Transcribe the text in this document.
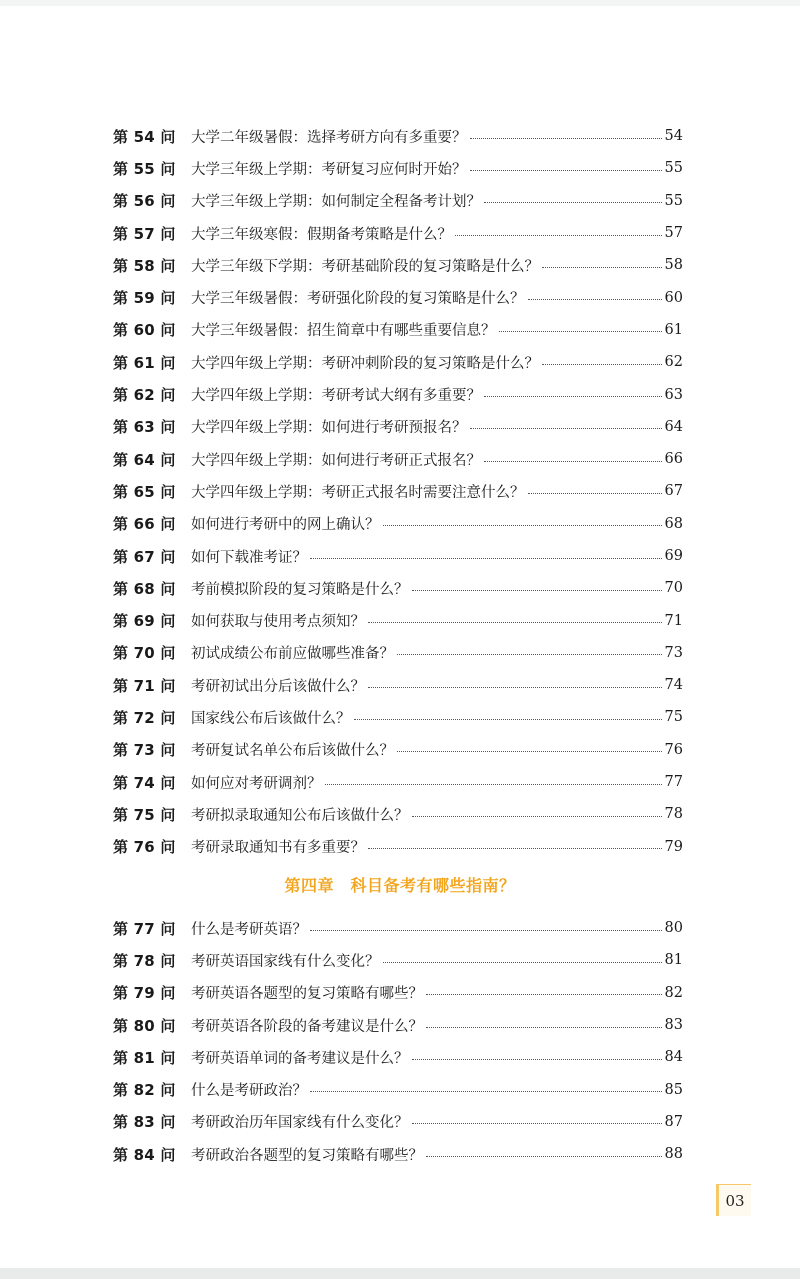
第 54 问	大学二年级暑假：选择考研方向有多重要？	54
第 55 问	大学三年级上学期：考研复习应何时开始？	55
第 56 问	大学三年级上学期：如何制定全程备考计划？	55
第 57 问	大学三年级寒假：假期备考策略是什么？	57
第 58 问	大学三年级下学期：考研基础阶段的复习策略是什么？	58
第 59 问	大学三年级暑假：考研强化阶段的复习策略是什么？	60
第 60 问	大学三年级暑假：招生简章中有哪些重要信息？	61
第 61 问	大学四年级上学期：考研冲刺阶段的复习策略是什么？	62
第 62 问	大学四年级上学期：考研考试大纲有多重要？	63
第 63 问	大学四年级上学期：如何进行考研预报名？	64
第 64 问	大学四年级上学期：如何进行考研正式报名？	66
第 65 问	大学四年级上学期：考研正式报名时需要注意什么？	67
第 66 问	如何进行考研中的网上确认？	68
第 67 问	如何下载准考证？	69
第 68 问	考前模拟阶段的复习策略是什么？	70
第 69 问	如何获取与使用考点须知？	71
第 70 问	初试成绩公布前应做哪些准备？	73
第 71 问	考研初试出分后该做什么？	74
第 72 问	国家线公布后该做什么？	75
第 73 问	考研复试名单公布后该做什么？	76
第 74 问	如何应对考研调剂？	77
第 75 问	考研拟录取通知公布后该做什么？	78
第 76 问	考研录取通知书有多重要？	79
第四章　科目备考有哪些指南？
第 77 问	什么是考研英语？	80
第 78 问	考研英语国家线有什么变化？	81
第 79 问	考研英语各题型的复习策略有哪些？	82
第 80 问	考研英语各阶段的备考建议是什么？	83
第 81 问	考研英语单词的备考建议是什么？	84
第 82 问	什么是考研政治？	85
第 83 问	考研政治历年国家线有什么变化？	87
第 84 问	考研政治各题型的复习策略有哪些？	88
03
